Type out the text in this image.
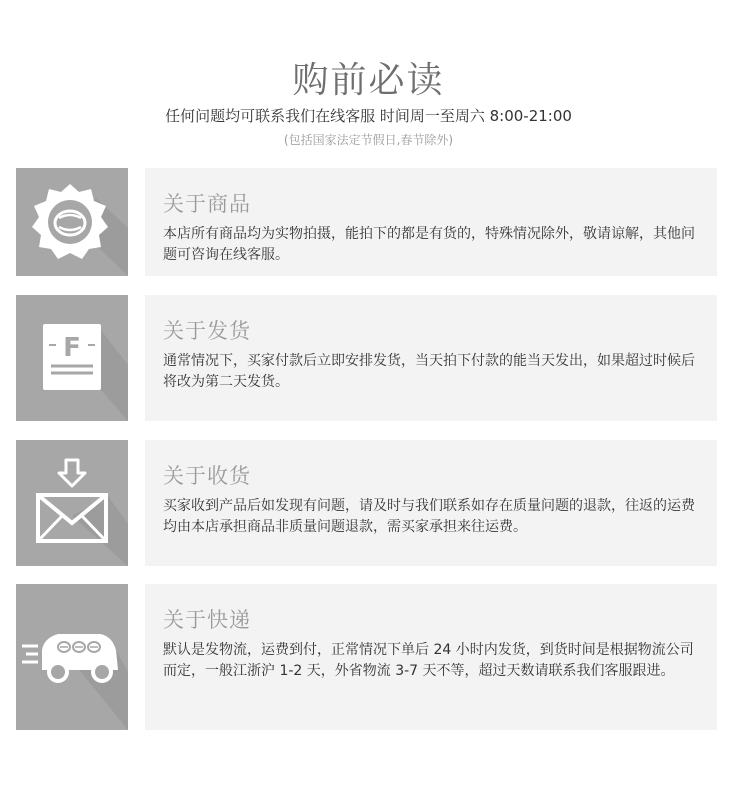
购前必读
任何问题均可联系我们在线客服 时间周一至周六 8:00-21:00
(包括国家法定节假日,春节除外)
关于商品

本店所有商品均为实物拍摄，能拍下的都是有货的，特殊情况除外，敬请谅解，其他问题可咨询在线客服。

F
关于发货

通常情况下，买家付款后立即安排发货，当天拍下付款的能当天发出，如果超过时候后将改为第二天发货。

关于收货

买家收到产品后如发现有问题，请及时与我们联系如存在质量问题的退款，往返的运费均由本店承担商品非质量问题退款，需买家承担来往运费。

关于快递

默认是发物流，运费到付，正常情况下单后 24 小时内发货，到货时间是根据物流公司而定，一般江浙沪 1-2 天，外省物流 3-7 天不等，超过天数请联系我们客服跟进。
